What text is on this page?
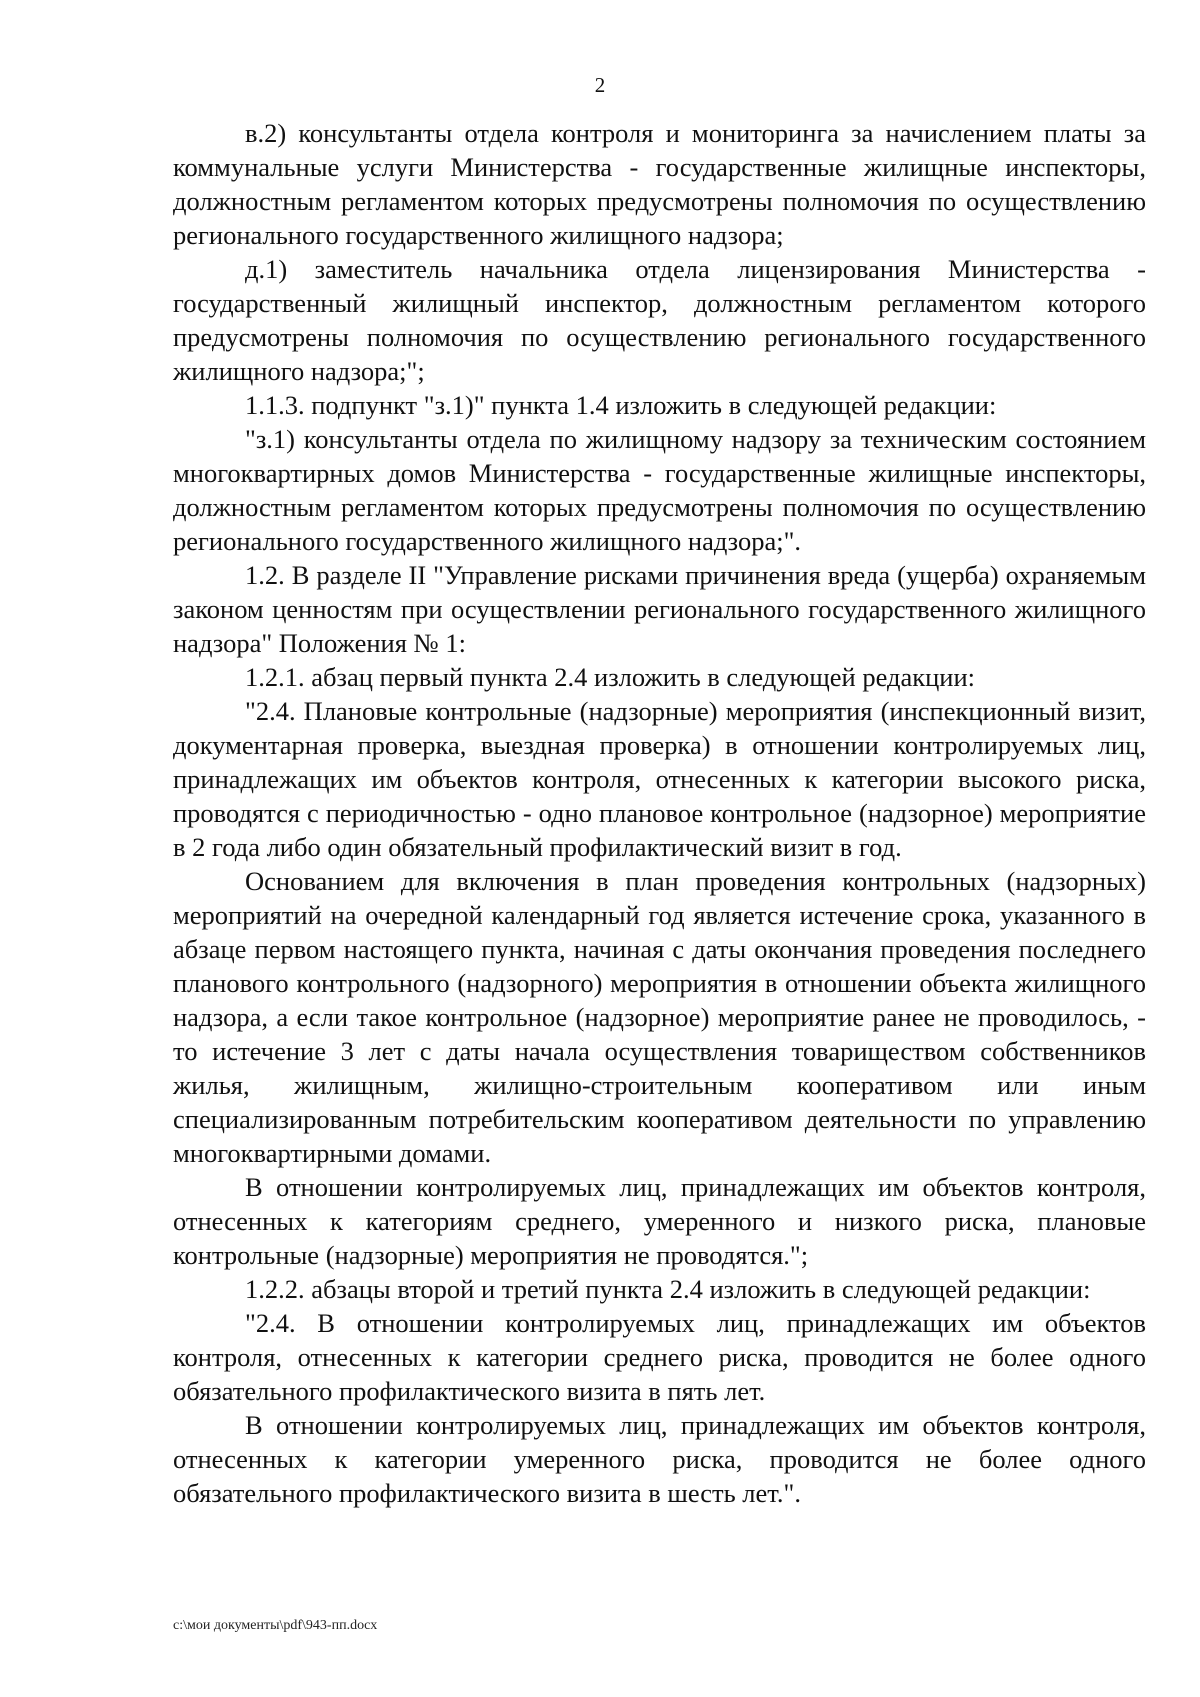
2

в.2) консультанты отдела контроля и мониторинга за начислением платы за коммунальные услуги Министерства - государственные жилищные инспекторы, должностным регламентом которых предусмотрены полномочия по осуществлению регионального государственного жилищного надзора;

д.1) заместитель начальника отдела лицензирования Министерства - государственный жилищный инспектор, должностным регламентом которого предусмотрены полномочия по осуществлению регионального государственного жилищного надзора;";

1.1.3. подпункт "з.1)" пункта 1.4 изложить в следующей редакции:

"з.1) консультанты отдела по жилищному надзору за техническим состоянием многоквартирных домов Министерства - государственные жилищные инспекторы, должностным регламентом которых предусмотрены полномочия по осуществлению регионального государственного жилищного надзора;".

1.2. В разделе II "Управление рисками причинения вреда (ущерба) охраняемым законом ценностям при осуществлении регионального государственного жилищного надзора" Положения № 1:

1.2.1. абзац первый пункта 2.4 изложить в следующей редакции:

"2.4. Плановые контрольные (надзорные) мероприятия (инспекционный визит, документарная проверка, выездная проверка) в отношении контролируемых лиц, принадлежащих им объектов контроля, отнесенных к категории высокого риска, проводятся с периодичностью - одно плановое контрольное (надзорное) мероприятие в 2 года либо один обязательный профилактический визит в год.

Основанием для включения в план проведения контрольных (надзорных) мероприятий на очередной календарный год является истечение срока, указанного в абзаце первом настоящего пункта, начиная с даты окончания проведения последнего планового контрольного (надзорного) мероприятия в отношении объекта жилищного надзора, а если такое контрольное (надзорное) мероприятие ранее не проводилось, - то истечение 3 лет с даты начала осуществления товариществом собственников жилья, жилищным, жилищно-строительным кооперативом или иным специализированным потребительским кооперативом деятельности по управлению многоквартирными домами.

В отношении контролируемых лиц, принадлежащих им объектов контроля, отнесенных к категориям среднего, умеренного и низкого риска, плановые контрольные (надзорные) мероприятия не проводятся.";

1.2.2. абзацы второй и третий пункта 2.4 изложить в следующей редакции:

"2.4. В отношении контролируемых лиц, принадлежащих им объектов контроля, отнесенных к категории среднего риска, проводится не более одного обязательного профилактического визита в пять лет.

В отношении контролируемых лиц, принадлежащих им объектов контроля, отнесенных к категории умеренного риска, проводится не более одного обязательного профилактического визита в шесть лет.".

c:\мои документы\pdf\943-пп.docx
